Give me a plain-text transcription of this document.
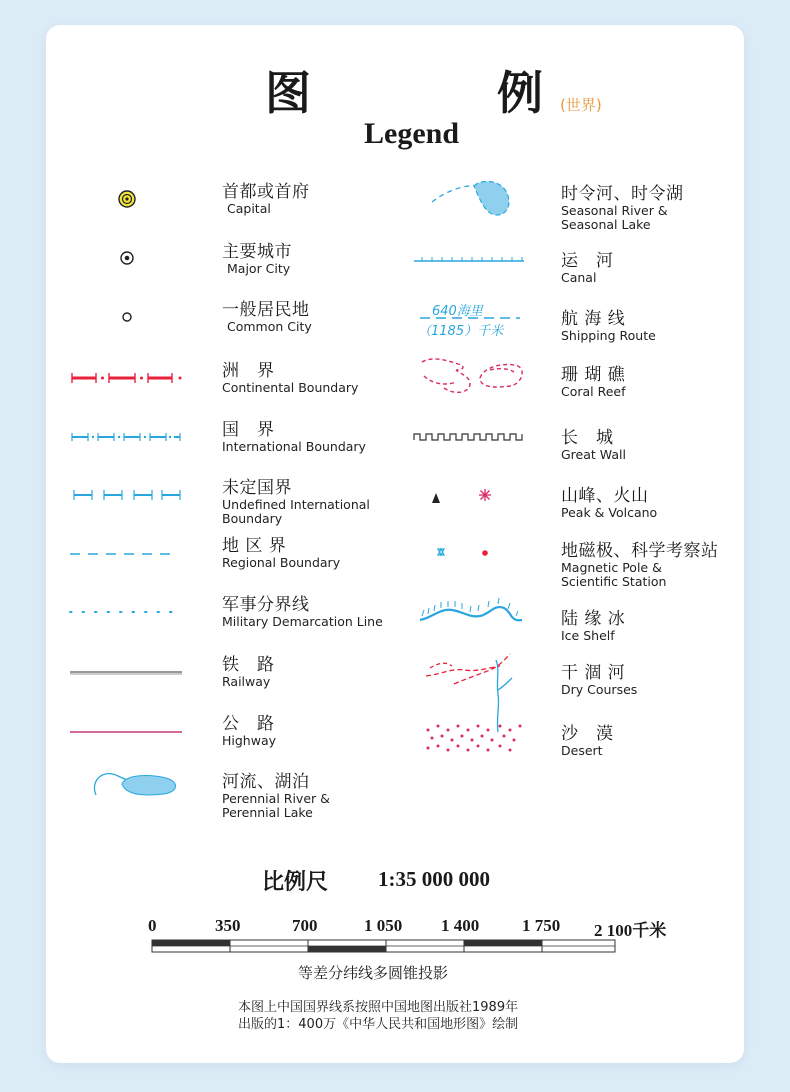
图	例 (世界)
Legend
首都或首府
Capital
主要城市
Major City
一般居民地
Common City
洲　界
Continental Boundary
国　界
International Boundary
未定国界
Undefined International
Boundary
地 区 界
Regional Boundary
军事分界线
Military Demarcation Line
铁　路
Railway
公　路
Highway
河流、湖泊
Perennial River &
Perennial Lake
时令河、时令湖
Seasonal River &
Seasonal Lake
运　河
Canal
航 海 线
Shipping Route
珊 瑚 礁
Coral Reef
长　城
Great Wall
山峰、火山
Peak & Volcano
地磁极、科学考察站
Magnetic Pole &
Scientific Station
陆 缘 冰
Ice Shelf
干 涸 河
Dry Courses
沙　漠
Desert
640海里
（1185）千米
比例尺 1:35 000 000
0	350	700	1 050 1 400	1 750 2 100千米
等差分纬线多圆锥投影
本图上中国国界线系按照中国地图出版社1989年
出版的1：400万《中华人民共和国地形图》绘制
